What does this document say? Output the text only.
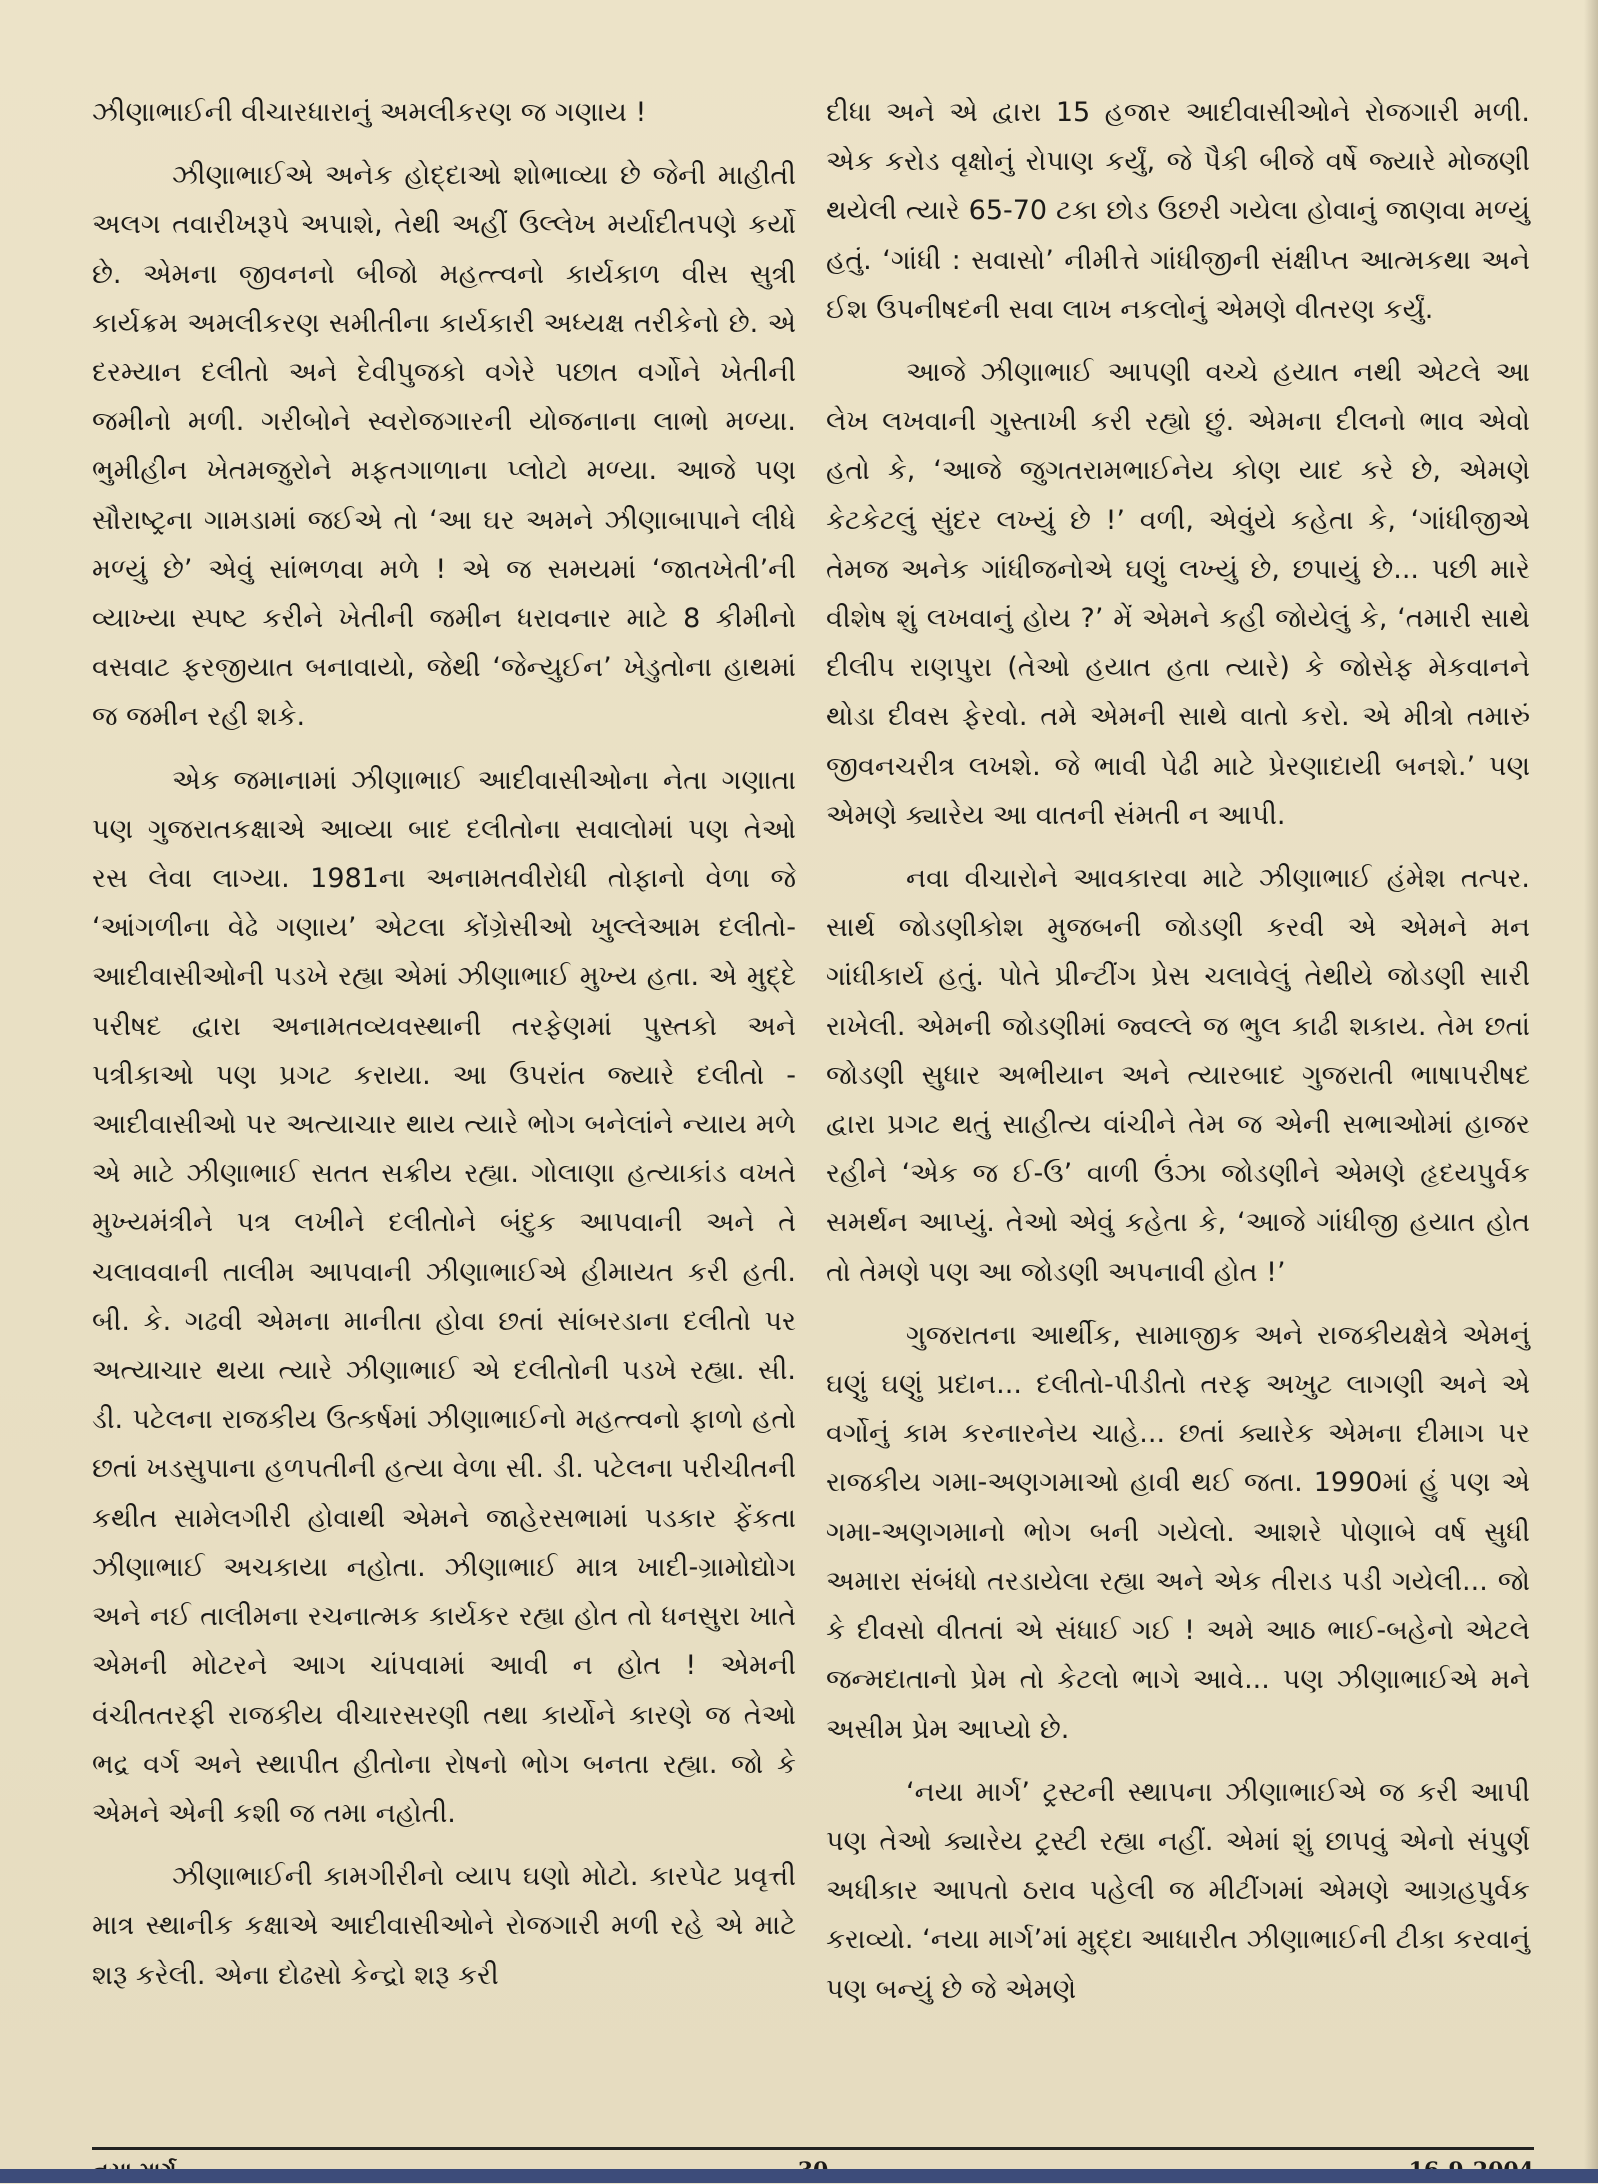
ઝીણાભાઈની વીચારધારાનું અમલીકરણ જ ગણાય !

ઝીણાભાઈએ અનેક હોદ્દાઓ શોભાવ્યા છે જેની માહીતી અલગ તવારીખરૂપે અપાશે, તેથી અહીં ઉલ્લેખ મર્યાદીતપણે કર્યો છે. એમના જીવનનો બીજો મહત્ત્વનો કાર્યકાળ વીસ સુત્રી કાર્યક્રમ અમલીકરણ સમીતીના કાર્યકારી અધ્યક્ષ તરીકેનો છે. એ દરમ્યાન દલીતો અને દેવીપુજકો વગેરે પછાત વર્ગોને ખેતીની જમીનો મળી. ગરીબોને સ્વરોજગારની યોજનાના લાભો મળ્યા. ભુમીહીન ખેતમજુરોને મફતગાળાના પ્લોટો મળ્યા. આજે પણ સૌરાષ્ટ્રના ગામડામાં જઈએ તો ‘આ ઘર અમને ઝીણાબાપાને લીધે મળ્યું છે’ એવું સાંભળવા મળે ! એ જ સમયમાં ‘જાતખેતી’ની વ્યાખ્યા સ્પષ્ટ કરીને ખેતીની જમીન ધરાવનાર માટે 8 કીમીનો વસવાટ ફરજીયાત બનાવાયો, જેથી ‘જેન્યુઈન’ ખેડુતોના હાથમાં જ જમીન રહી શકે.

એક જમાનામાં ઝીણાભાઈ આદીવાસીઓના નેતા ગણાતા પણ ગુજરાતકક્ષાએ આવ્યા બાદ દલીતોના સવાલોમાં પણ તેઓ રસ લેવા લાગ્યા. 1981ના અનામતવીરોધી તોફાનો વેળા જે ‘આંગળીના વેઢે ગણાય’ એટલા કોંગ્રેસીઓ ખુલ્લેઆમ દલીતો-આદીવાસીઓની પડખે રહ્યા એમાં ઝીણાભાઈ મુખ્ય હતા. એ મુદ્દે પરીષદ દ્વારા અનામતવ્યવસ્થાની તરફેણમાં પુસ્તકો અને પત્રીકાઓ પણ પ્રગટ કરાયા. આ ઉપરાંત જ્યારે દલીતો - આદીવાસીઓ પર અત્યાચાર થાય ત્યારે ભોગ બનેલાંને ન્યાય મળે એ માટે ઝીણાભાઈ સતત સક્રીય રહ્યા. ગોલાણા હત્યાકાંડ વખતે મુખ્યમંત્રીને પત્ર લખીને દલીતોને બંદુક આપવાની અને તે ચલાવવાની તાલીમ આપવાની ઝીણાભાઈએ હીમાયત કરી હતી. બી. કે. ગઢવી એમના માનીતા હોવા છતાં સાંબરડાના દલીતો પર અત્યાચાર થયા ત્યારે ઝીણાભાઈ એ દલીતોની પડખે રહ્યા. સી. ડી. પટેલના રાજકીય ઉત્કર્ષમાં ઝીણાભાઈનો મહત્ત્વનો ફાળો હતો છતાં ખડસુપાના હળપતીની હત્યા વેળા સી. ડી. પટેલના પરીચીતની કથીત સામેલગીરી હોવાથી એમને જાહેરસભામાં પડકાર ફેંકતા ઝીણાભાઈ અચકાયા નહોતા. ઝીણાભાઈ માત્ર ખાદી-ગ્રામોદ્યોગ અને નઈ તાલીમના રચનાત્મક કાર્યકર રહ્યા હોત તો ધનસુરા ખાતે એમની મોટરને આગ ચાંપવામાં આવી ન હોત ! એમની વંચીતતરફી રાજકીય વીચારસરણી તથા કાર્યોને કારણે જ તેઓ ભદ્ર વર્ગ અને સ્થાપીત હીતોના રોષનો ભોગ બનતા રહ્યા. જો કે એમને એની કશી જ તમા નહોતી.

ઝીણાભાઈની કામગીરીનો વ્યાપ ઘણો મોટો. કારપેટ પ્રવૃત્તી માત્ર સ્થાનીક કક્ષાએ આદીવાસીઓને રોજગારી મળી રહે એ માટે શરૂ કરેલી. એના દોઢસો કેન્દ્રો શરૂ કરી

દીધા અને એ દ્વારા 15 હજાર આદીવાસીઓને રોજગારી મળી. એક કરોડ વૃક્ષોનું રોપાણ કર્યું, જે પૈકી બીજે વર્ષે જ્યારે મોજણી થયેલી ત્યારે 65-70 ટકા છોડ ઉછરી ગયેલા હોવાનું જાણવા મળ્યું હતું. ‘ગાંધી : સવાસો’ નીમીત્તે ગાંધીજીની સંક્ષીપ્ત આત્મકથા અને ઈશ ઉપનીષદની સવા લાખ નકલોનું એમણે વીતરણ કર્યું.

આજે ઝીણાભાઈ આપણી વચ્ચે હયાત નથી એટલે આ લેખ લખવાની ગુસ્તાખી કરી રહ્યો છું. એમના દીલનો ભાવ એવો હતો કે, ‘આજે જુગતરામભાઈનેય કોણ યાદ કરે છે, એમણે કેટકેટલું સુંદર લખ્યું છે !’ વળી, એવુંયે કહેતા કે, ‘ગાંધીજીએ તેમજ અનેક ગાંધીજનોએ ઘણું લખ્યું છે, છપાયું છે... પછી મારે વીશેષ શું લખવાનું હોય ?’ મેં એમને કહી જોયેલું કે, ‘તમારી સાથે દીલીપ રાણપુરા (તેઓ હયાત હતા ત્યારે) કે જોસેફ મેકવાનને થોડા દીવસ ફેરવો. તમે એમની સાથે વાતો કરો. એ મીત્રો તમારું જીવનચરીત્ર લખશે. જે ભાવી પેઢી માટે પ્રેરણાદાયી બનશે.’ પણ એમણે ક્યારેય આ વાતની સંમતી ન આપી.

નવા વીચારોને આવકારવા માટે ઝીણાભાઈ હંમેશ તત્પર. સાર્થ જોડણીકોશ મુજબની જોડણી કરવી એ એમને મન ગાંધીકાર્ય હતું. પોતે પ્રીન્ટીંગ પ્રેસ ચલાવેલું તેથીયે જોડણી સારી રાખેલી. એમની જોડણીમાં જ્વલ્લે જ ભુલ કાઢી શકાય. તેમ છતાં જોડણી સુધાર અભીયાન અને ત્યારબાદ ગુજરાતી ભાષાપરીષદ દ્વારા પ્રગટ થતું સાહીત્ય વાંચીને તેમ જ એની સભાઓમાં હાજર રહીને ‘એક જ ઈ-ઉ’ વાળી ઉંઝા જોડણીને એમણે હૃદયપુર્વક સમર્થન આપ્યું. તેઓ એવું કહેતા કે, ‘આજે ગાંધીજી હયાત હોત તો તેમણે પણ આ જોડણી અપનાવી હોત !’

ગુજરાતના આર્થીક, સામાજીક અને રાજકીયક્ષેત્રે એમનું ઘણું ઘણું પ્રદાન... દલીતો-પીડીતો તરફ અખુટ લાગણી અને એ વર્ગોનું કામ કરનારનેય ચાહે... છતાં ક્યારેક એમના દીમાગ પર રાજકીય ગમા-અણગમાઓ હાવી થઈ જતા. 1990માં હું પણ એ ગમા-અણગમાનો ભોગ બની ગયેલો. આશરે પોણાબે વર્ષ સુધી અમારા સંબંધો તરડાયેલા રહ્યા અને એક તીરાડ પડી ગયેલી... જો કે દીવસો વીતતાં એ સંધાઈ ગઈ ! અમે આઠ ભાઈ-બહેનો એટલે જન્મદાતાનો પ્રેમ તો કેટલો ભાગે આવે... પણ ઝીણાભાઈએ મને અસીમ પ્રેમ આપ્યો છે.

‘નયા માર્ગ’ ટ્રસ્ટની સ્થાપના ઝીણાભાઈએ જ કરી આપી પણ તેઓ ક્યારેય ટ્રસ્ટી રહ્યા નહીં. એમાં શું છાપવું એનો સંપુર્ણ અધીકાર આપતો ઠરાવ પહેલી જ મીટીંગમાં એમણે આગ્રહપુર્વક કરાવ્યો. ‘નયા માર્ગ’માં મુદ્દા આધારીત ઝીણાભાઈની ટીકા કરવાનું પણ બન્યું છે જે એમણે
